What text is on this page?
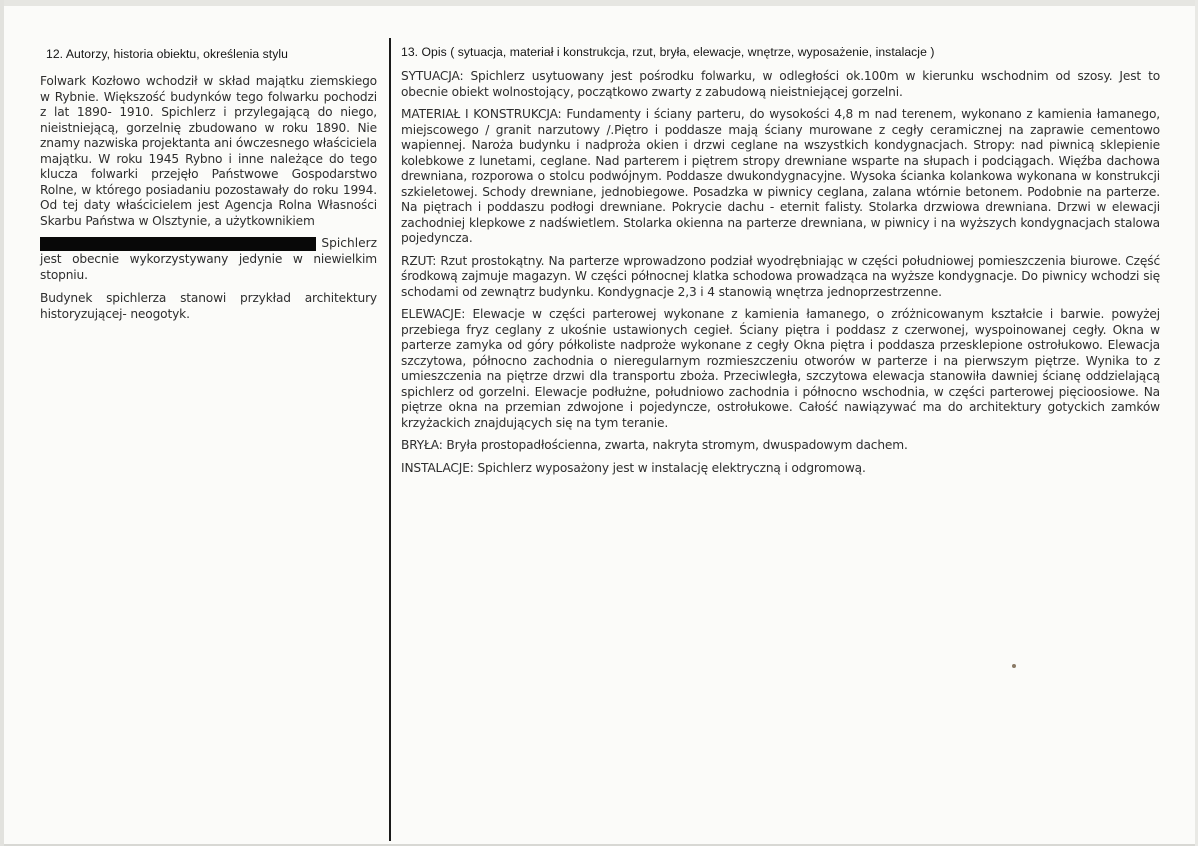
12. Autorzy, historia obiektu, określenia stylu

Folwark Kozłowo wchodził w skład majątku ziemskiego w Rybnie. Większość budynków tego folwarku pochodzi z lat 1890- 1910. Spichlerz i przylegającą do niego, nieistniejącą, gorzelnię zbudowano w roku 1890. Nie znamy nazwiska projektanta ani ówczesnego właściciela majątku. W roku 1945 Rybno i inne należące do tego klucza folwarki przejęło Państwowe Gospodarstwo Rolne, w którego posiadaniu pozostawały do roku 1994. Od tej daty właścicielem jest Agencja Rolna Własności Skarbu Państwa w Olsztynie, a użytkownikiem

Spichlerz

jest obecnie wykorzystywany jedynie w niewielkim stopniu.

Budynek spichlerza stanowi przykład architektury historyzującej- neogotyk.

13. Opis ( sytuacja, materiał i konstrukcja, rzut, bryła, elewacje, wnętrze, wyposażenie, instalacje )

SYTUACJA: Spichlerz usytuowany jest pośrodku folwarku, w odległości ok.100m w kierunku wschodnim od szosy. Jest to obecnie obiekt wolnostojący, początkowo zwarty z zabudową nieistniejącej gorzelni.

MATERIAŁ I KONSTRUKCJA: Fundamenty i ściany parteru, do wysokości 4,8 m nad terenem, wykonano z kamienia łamanego, miejscowego / granit narzutowy /.Piętro i poddasze mają ściany murowane z cegły ceramicznej na zaprawie cementowo wapiennej. Naroża budynku i nadproża okien i drzwi ceglane na wszystkich kondygnacjach. Stropy: nad piwnicą sklepienie kolebkowe z lunetami, ceglane. Nad parterem i piętrem stropy drewniane wsparte na słupach i podciągach. Więźba dachowa drewniana, rozporowa o stolcu podwójnym. Poddasze dwukondygnacyjne. Wysoka ścianka kolankowa wykonana w konstrukcji szkieletowej. Schody drewniane, jednobiegowe. Posadzka w piwnicy ceglana, zalana wtórnie betonem. Podobnie na parterze. Na piętrach i poddaszu podłogi drewniane. Pokrycie dachu - eternit falisty. Stolarka drzwiowa drewniana. Drzwi w elewacji zachodniej klepkowe z nadświetlem. Stolarka okienna na parterze drewniana, w piwnicy i na wyższych kondygnacjach stalowa pojedyncza.

RZUT: Rzut prostokątny. Na parterze wprowadzono podział wyodrębniając w części południowej pomieszczenia biurowe. Część środkową zajmuje magazyn. W części północnej klatka schodowa prowadząca na wyższe kondygnacje. Do piwnicy wchodzi się schodami od zewnątrz budynku. Kondygnacje 2,3 i 4 stanowią wnętrza jednoprzestrzenne.

ELEWACJE: Elewacje w części parterowej wykonane z kamienia łamanego, o zróżnicowanym kształcie i barwie. powyżej przebiega fryz ceglany z ukośnie ustawionych cegieł. Ściany piętra i poddasz z czerwonej, wyspoinowanej cegły. Okna w parterze zamyka od góry półkoliste nadproże wykonane z cegły Okna piętra i poddasza przesklepione ostrołukowo. Elewacja szczytowa, północno zachodnia o nieregularnym rozmieszczeniu otworów w parterze i na pierwszym piętrze. Wynika to z umieszczenia na piętrze drzwi dla transportu zboża. Przeciwległa, szczytowa elewacja stanowiła dawniej ścianę oddzielającą spichlerz od gorzelni. Elewacje podłużne, południowo zachodnia i północno wschodnia, w części parterowej pięcioosiowe. Na piętrze okna na przemian zdwojone i pojedyncze, ostrołukowe. Całość nawiązywać ma do architektury gotyckich zamków krzyżackich znajdujących się na tym teranie.

BRYŁA: Bryła prostopadłościenna, zwarta, nakryta stromym, dwuspadowym dachem.

INSTALACJE: Spichlerz wyposażony jest w instalację elektryczną i odgromową.
